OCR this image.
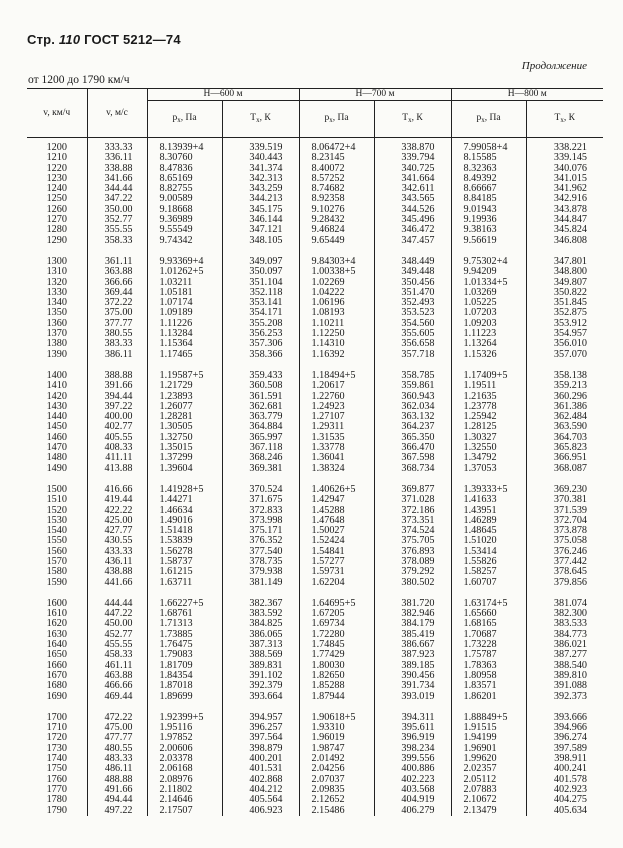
Стр. 110 ГОСТ 5212—74
Продолжение
от 1200 до 1790 км/ч
v, км/ч	v, м/с	H—600 м		H—700 м		H—800 м	
		$p_x$, Па	$T_x$, К	$p_x$, Па	$T_x$, К	$p_x$, Па	$T_x$, К
1200	333.33	8.13939+4	339.519	8.06472+4	338.870	7.99058+4	338.221
1210	336.11	8.30760	340.443	8.23145	339.794	8.15585	339.145
1220	338.88	8.47836	341.374	8.40072	340.725	8.32363	340.076
1230	341.66	8.65169	342.313	8.57252	341.664	8.49392	341.015
1240	344.44	8.82755	343.259	8.74682	342.611	8.66667	341.962
1250	347.22	9.00589	344.213	8.92358	343.565	8.84185	342.916
1260	350.00	9.18668	345.175	9.10276	344.526	9.01943	343.878
1270	352.77	9.36989	346.144	9.28432	345.496	9.19936	344.847
1280	355.55	9.55549	347.121	9.46824	346.472	9.38163	345.824
1290	358.33	9.74342	348.105	9.65449	347.457	9.56619	346.808

1300	361.11	9.93369+4	349.097	9.84303+4	348.449	9.75302+4	347.801
1310	363.88	1.01262+5	350.097	1.00338+5	349.448	9.94209	348.800
1320	366.66	1.03211	351.104	1.02269	350.456	1.01334+5	349.807
1330	369.44	1.05181	352.118	1.04222	351.470	1.03269	350.822
1340	372.22	1.07174	353.141	1.06196	352.493	1.05225	351.845
1350	375.00	1.09189	354.171	1.08193	353.523	1.07203	352.875
1360	377.77	1.11226	355.208	1.10211	354.560	1.09203	353.912
1370	380.55	1.13284	356.253	1.12250	355.605	1.11223	354.957
1380	383.33	1.15364	357.306	1.14310	356.658	1.13264	356.010
1390	386.11	1.17465	358.366	1.16392	357.718	1.15326	357.070

1400	388.88	1.19587+5	359.433	1.18494+5	358.785	1.17409+5	358.138
1410	391.66	1.21729	360.508	1.20617	359.861	1.19511	359.213
1420	394.44	1.23893	361.591	1.22760	360.943	1.21635	360.296
1430	397.22	1.26077	362.681	1.24923	362.034	1.23778	361.386
1440	400.00	1.28281	363.779	1.27107	363.132	1.25942	362.484
1450	402.77	1.30505	364.884	1.29311	364.237	1.28125	363.590
1460	405.55	1.32750	365.997	1.31535	365.350	1.30327	364.703
1470	408.33	1.35015	367.118	1.33778	366.470	1.32550	365.823
1480	411.11	1.37299	368.246	1.36041	367.598	1.34792	366.951
1490	413.88	1.39604	369.381	1.38324	368.734	1.37053	368.087

1500	416.66	1.41928+5	370.524	1.40626+5	369.877	1.39333+5	369.230
1510	419.44	1.44271	371.675	1.42947	371.028	1.41633	370.381
1520	422.22	1.46634	372.833	1.45288	372.186	1.43951	371.539
1530	425.00	1.49016	373.998	1.47648	373.351	1.46289	372.704
1540	427.77	1.51418	375.171	1.50027	374.524	1.48645	373.878
1550	430.55	1.53839	376.352	1.52424	375.705	1.51020	375.058
1560	433.33	1.56278	377.540	1.54841	376.893	1.53414	376.246
1570	436.11	1.58737	378.735	1.57277	378.089	1.55826	377.442
1580	438.88	1.61215	379.938	1.59731	379.292	1.58257	378.645
1590	441.66	1.63711	381.149	1.62204	380.502	1.60707	379.856

1600	444.44	1.66227+5	382.367	1.64695+5	381.720	1.63174+5	381.074
1610	447.22	1.68761	383.592	1.67205	382.946	1.65660	382.300
1620	450.00	1.71313	384.825	1.69734	384.179	1.68165	383.533
1630	452.77	1.73885	386.065	1.72280	385.419	1.70687	384.773
1640	455.55	1.76475	387.313	1.74845	386.667	1.73228	386.021
1650	458.33	1.79083	388.569	1.77429	387.923	1.75787	387.277
1660	461.11	1.81709	389.831	1.80030	389.185	1.78363	388.540
1670	463.88	1.84354	391.102	1.82650	390.456	1.80958	389.810
1680	466.66	1.87018	392.379	1.85288	391.734	1.83571	391.088
1690	469.44	1.89699	393.664	1.87944	393.019	1.86201	392.373

1700	472.22	1.92399+5	394.957	1.90618+5	394.311	1.88849+5	393.666
1710	475.00	1.95116	396.257	1.93310	395.611	1.91515	394.966
1720	477.77	1.97852	397.564	1.96019	396.919	1.94199	396.274
1730	480.55	2.00606	398.879	1.98747	398.234	1.96901	397.589
1740	483.33	2.03378	400.201	2.01492	399.556	1.99620	398.911
1750	486.11	2.06168	401.531	2.04256	400.886	2.02357	400.241
1760	488.88	2.08976	402.868	2.07037	402.223	2.05112	401.578
1770	491.66	2.11802	404.212	2.09835	403.568	2.07883	402.923
1780	494.44	2.14646	405.564	2.12652	404.919	2.10672	404.275
1790	497.22	2.17507	406.923	2.15486	406.279	2.13479	405.634
